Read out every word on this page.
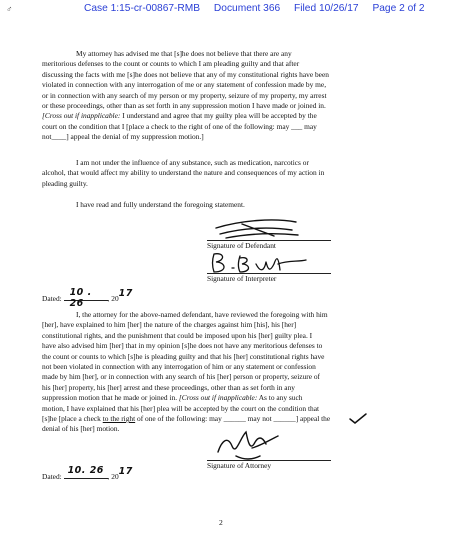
♂	Case 1:15-cr-00867-RMB Document 366 Filed 10/26/17 Page 2 of 2
My attorney has advised me that [s]he does not believe that there are any
meritorious defenses to the count or counts to which I am pleading guilty and that after
discussing the facts with me [s]he does not believe that any of my constitutional rights have been
violated in connection with any interrogation of me or any statement of confession made by me,
or in connection with any search of my person or my property, seizure of my property, my arrest
or these proceedings, other than as set forth in any suppression motion I have made or joined in.
[Cross out if inapplicable: I understand and agree that my guilty plea will be accepted by the
court on the condition that I [place a check to the right of one of the following: may ___ may
not____] appeal the denial of my suppression motion.]
I am not under the influence of any substance, such as medication, narcotics or
alcohol, that would affect my ability to understand the nature and consequences of my action in
pleading guilty.
I have read and fully understand the foregoing statement.
Signature of Defendant
Signature of Interpreter
Dated:
10 . 26	, 20 17
I, the attorney for the above-named defendant, have reviewed the foregoing with him
[her], have explained to him [her] the nature of the charges against him [his], his [her]
constitutional rights, and the punishment that could be imposed upon his [her] guilty plea. I
have also advised him [her] that in my opinion [s]he does not have any meritorious defenses to
the count or counts to which [s]he is pleading guilty and that his [her] constitutional rights have
not been violated in connection with any interrogation of him or any statement or confession
made by him [her], or in connection with any search of his [her] person or property, seizure of
his [her] property, his [her] arrest and these proceedings, other than as set forth in any
suppression motion that he made or joined in. [Cross out if inapplicable: As to any such
motion, I have explained that his [her] plea will be accepted by the court on the condition that
[s]he [place a check to the right of one of the following: may ______ may not ______] appeal the
denial of his [her] motion.
Signature of Attorney
Dated:
10. 26
, 20 17
2
